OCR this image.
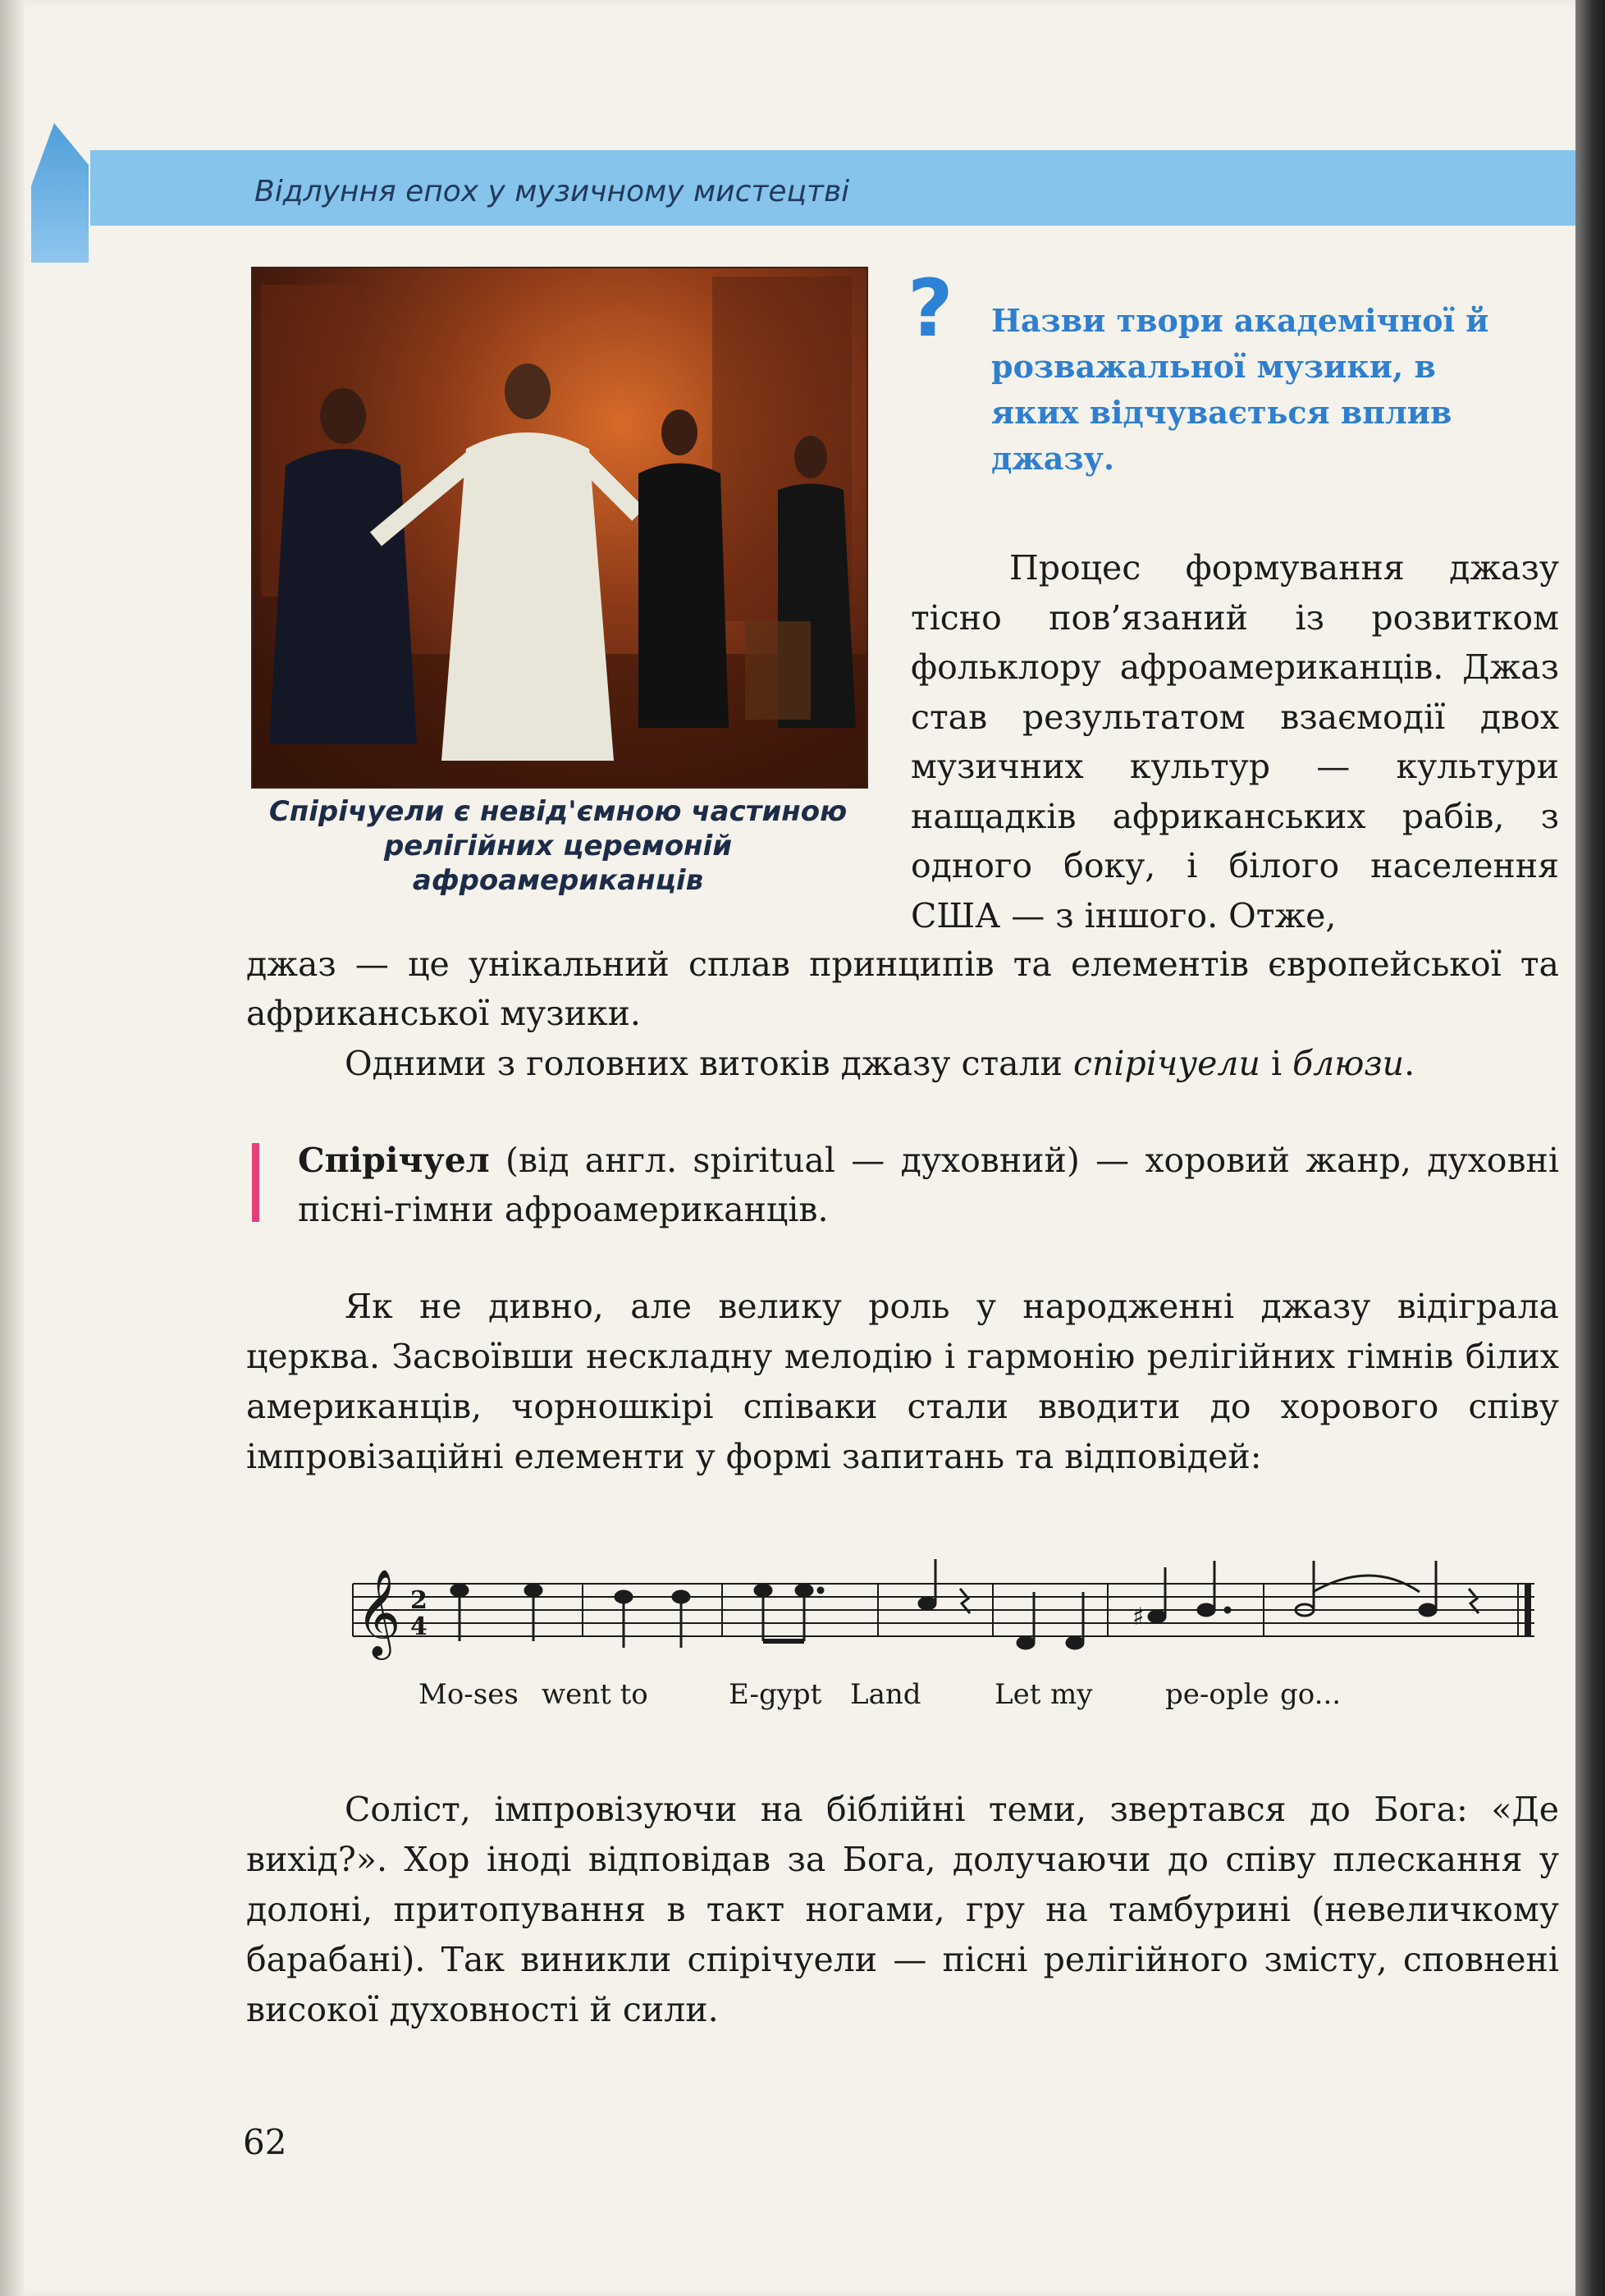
Відлуння епох у музичному мистецтві
Спірічуели є невід'ємною частиною релігійних церемоній афроамериканців
? Назви твори академічної й розважальної музики, в яких відчувається вплив джазу.
Процес формування джазу тісно пов’язаний із розвитком фольклору афроамериканців. Джаз став результатом взаємодії двох музичних культур — культури нащадків африканських рабів, з одного боку, і білого населення США — з іншого. Отже,
джаз — це унікальний сплав принципів та елементів європейської та африканської музики.
Одними з головних витоків джазу стали спірічуели і блюзи.
Спірічуел (від англ. spiritual — духовний) — хоровий жанр, духовні пісні-гімни афроамериканців.
Як не дивно, але велику роль у народженні джазу відіграла церква. Засвоївши нескладну мелодію і гармонію релігійних гімнів білих американців, чорношкірі співаки стали вводити до хорового співу імпровізаційні елементи у формі запитань та відповідей:
𝄞 2
4	♯
Mo-ses went to	E-gypt Land	Let my	pe-ople go...
Соліст, імпровізуючи на біблійні теми, звертався до Бога: «Де вихід?». Хор іноді відповідав за Бога, долучаючи до співу плескання у долоні, притопування в такт ногами, гру на тамбурині (невеличкому барабані). Так виникли спірічуели — пісні релігійного змісту, сповнені високої духовності й сили.
62
